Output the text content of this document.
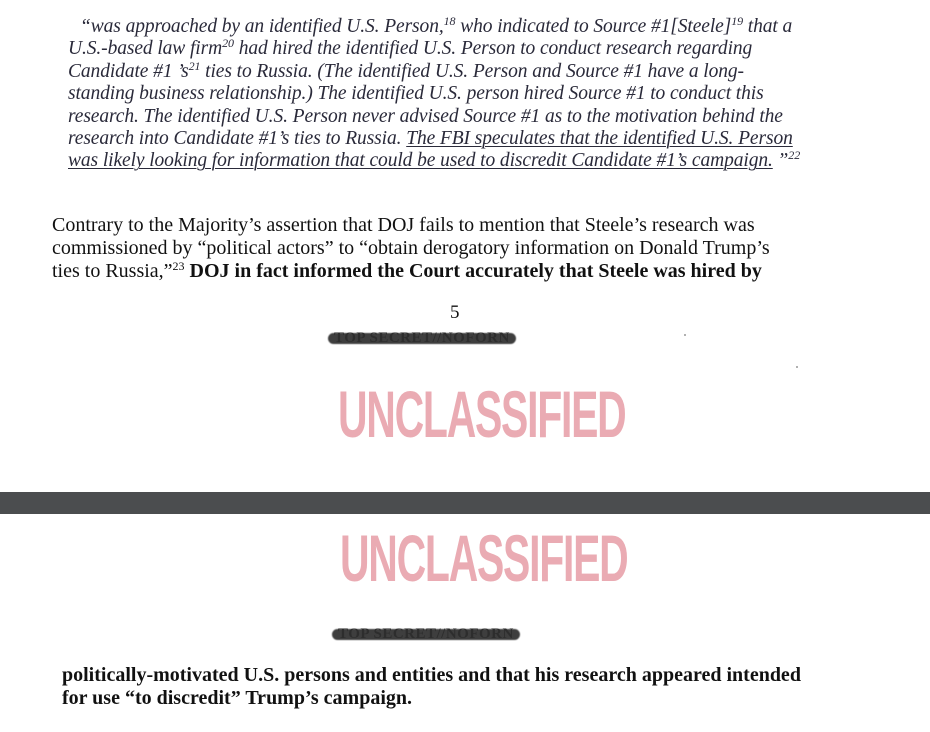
“was approached by an identified U.S. Person,$^{18}$ who indicated to Source #1[Steele]$^{19}$ that a
U.S.-based law firm$^{20}$ had hired the identified U.S. Person to conduct research regarding
Candidate #1 $’s^{21}$ ties to Russia. (The identified U.S. Person and Source #1 have a long-
standing business relationship.) The identified U.S. person hired Source #1 to conduct this
research. The identified U.S. Person never advised Source #1 as to the motivation behind the
research into Candidate #1’s ties to Russia. The FBI speculates that the identified U.S. Person
was likely looking for information that could be used to discredit Candidate #1’s campaign. ”$^{22}$
Contrary to the Majority’s assertion that DOJ fails to mention that Steele’s research was
commissioned by “political actors” to “obtain derogatory information on Donald Trump’s
ties to Russia,”$^{23}$ DOJ in fact informed the Court accurately that Steele was hired by
5
UNCLASSIFIED
UNCLASSIFIED
politically-motivated U.S. persons and entities and that his research appeared intended
for use “to discredit” Trump’s campaign.
